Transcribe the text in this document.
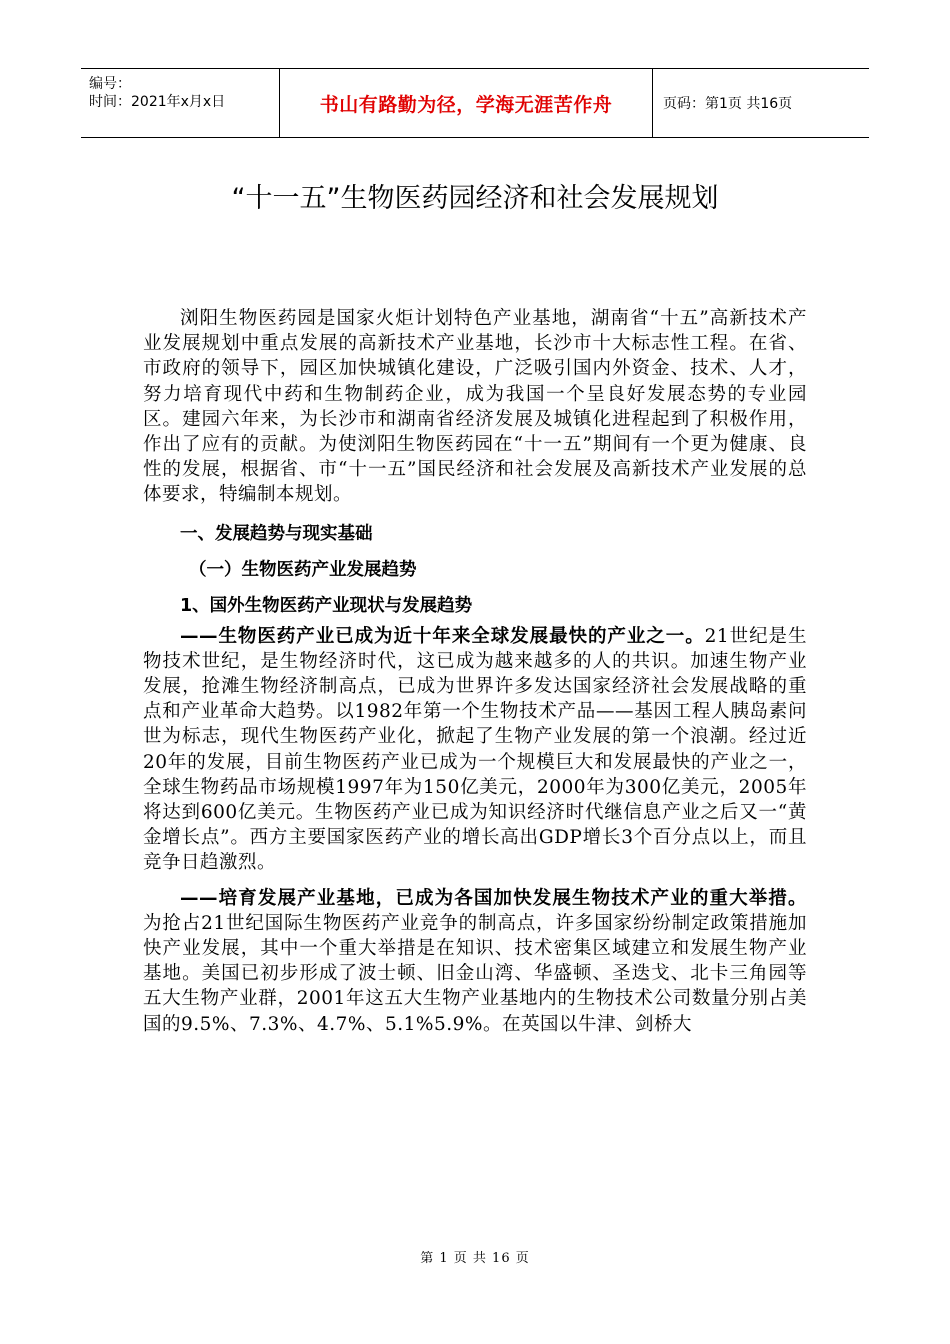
编号：
时间：2021年x月x日	书山有路勤为径，学海无涯苦作舟	页码：第1页 共16页
“十一五”生物医药园经济和社会发展规划

浏阳生物医药园是国家火炬计划特色产业基地，湖南省“十五”高新技术产业发展规划中重点发展的高新技术产业基地，长沙市十大标志性工程。在省、市政府的领导下，园区加快城镇化建设，广泛吸引国内外资金、技术、人才，努力培育现代中药和生物制药企业，成为我国一个呈良好发展态势的专业园区。建园六年来，为长沙市和湖南省经济发展及城镇化进程起到了积极作用，作出了应有的贡献。为使浏阳生物医药园在“十一五”期间有一个更为健康、良性的发展，根据省、市“十一五”国民经济和社会发展及高新技术产业发展的总体要求，特编制本规划。

一、发展趋势与现实基础

（一）生物医药产业发展趋势

1、国外生物医药产业现状与发展趋势

——生物医药产业已成为近十年来全球发展最快的产业之一。21世纪是生物技术世纪，是生物经济时代，这已成为越来越多的人的共识。加速生物产业发展，抢滩生物经济制高点，已成为世界许多发达国家经济社会发展战略的重点和产业革命大趋势。以1982年第一个生物技术产品——基因工程人胰岛素问世为标志，现代生物医药产业化，掀起了生物产业发展的第一个浪潮。经过近20年的发展，目前生物医药产业已成为一个规模巨大和发展最快的产业之一，全球生物药品市场规模1997年为150亿美元，2000年为300亿美元，2005年将达到600亿美元。生物医药产业已成为知识经济时代继信息产业之后又一“黄金增长点”。西方主要国家医药产业的增长高出GDP增长3个百分点以上，而且竞争日趋激烈。

——培育发展产业基地，已成为各国加快发展生物技术产业的重大举措。为抢占21世纪国际生物医药产业竞争的制高点，许多国家纷纷制定政策措施加快产业发展，其中一个重大举措是在知识、技术密集区域建立和发展生物产业基地。美国已初步形成了波士顿、旧金山湾、华盛顿、圣迭戈、北卡三角园等五大生物产业群，2001年这五大生物产业基地内的生物技术公司数量分别占美国的9.5%、7.3%、4.7%、5.1%5.9%。在英国以牛津、剑桥大

第 1 页 共 16 页
